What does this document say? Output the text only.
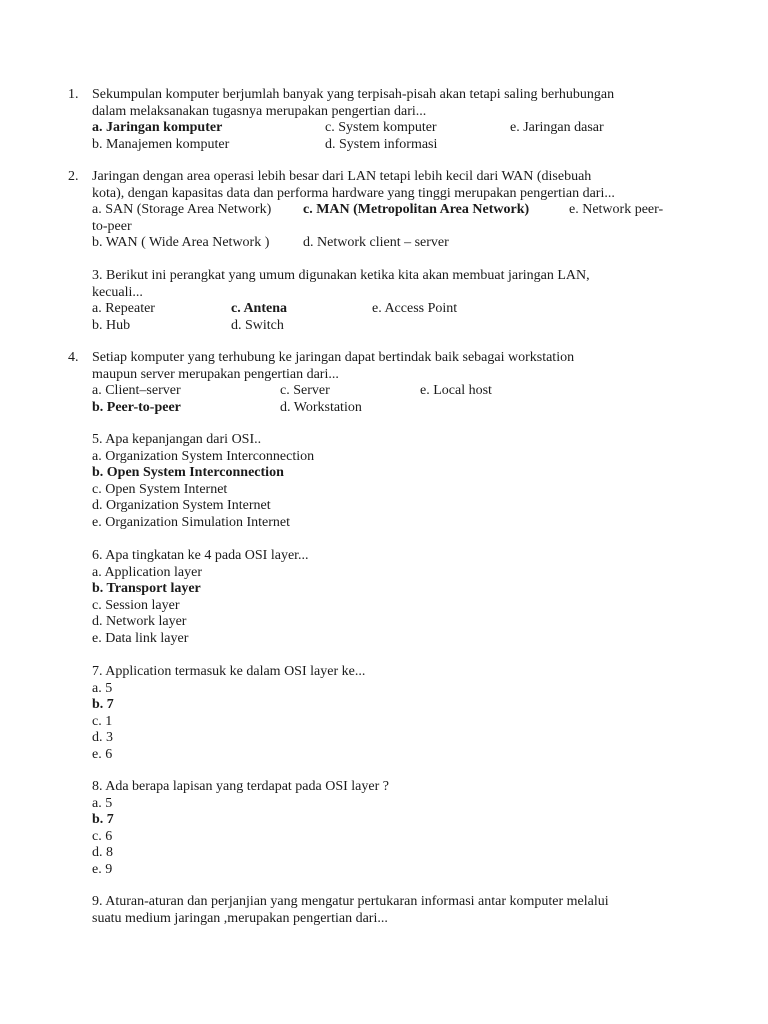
1. Sekumpulan komputer berjumlah banyak yang terpisah-pisah akan tetapi saling berhubungan
dalam melaksanakan tugasnya merupakan pengertian dari...
a. Jaringan komputer	c. System komputer	e. Jaringan dasar
b. Manajemen komputer	d. System informasi
2. Jaringan dengan area operasi lebih besar dari LAN tetapi lebih kecil dari WAN (disebuah
kota), dengan kapasitas data dan performa hardware yang tinggi merupakan pengertian dari...
a. SAN (Storage Area Network) c. MAN (Metropolitan Area Network)	e. Network peer-
to-peer
b. WAN ( Wide Area Network ) d. Network client – server
3. Berikut ini perangkat yang umum digunakan ketika kita akan membuat jaringan LAN,
kecuali...
a. Repeater	c. Antena	e. Access Point
b. Hub	d. Switch
4. Setiap komputer yang terhubung ke jaringan dapat bertindak baik sebagai workstation
maupun server merupakan pengertian dari...
a. Client–server	c. Server	e. Local host
b. Peer-to-peer	d. Workstation
5. Apa kepanjangan dari OSI..
a. Organization System Interconnection
b. Open System Interconnection
c. Open System Internet
d. Organization System Internet
e. Organization Simulation Internet
6. Apa tingkatan ke 4 pada OSI layer...
a. Application layer
b. Transport layer
c. Session layer
d. Network layer
e. Data link layer
7. Application termasuk ke dalam OSI layer ke...
a. 5
b. 7
c. 1
d. 3
e. 6
8. Ada berapa lapisan yang terdapat pada OSI layer ?
a. 5
b. 7
c. 6
d. 8
e. 9
9. Aturan-aturan dan perjanjian yang mengatur pertukaran informasi antar komputer melalui
suatu medium jaringan ,merupakan pengertian dari...
